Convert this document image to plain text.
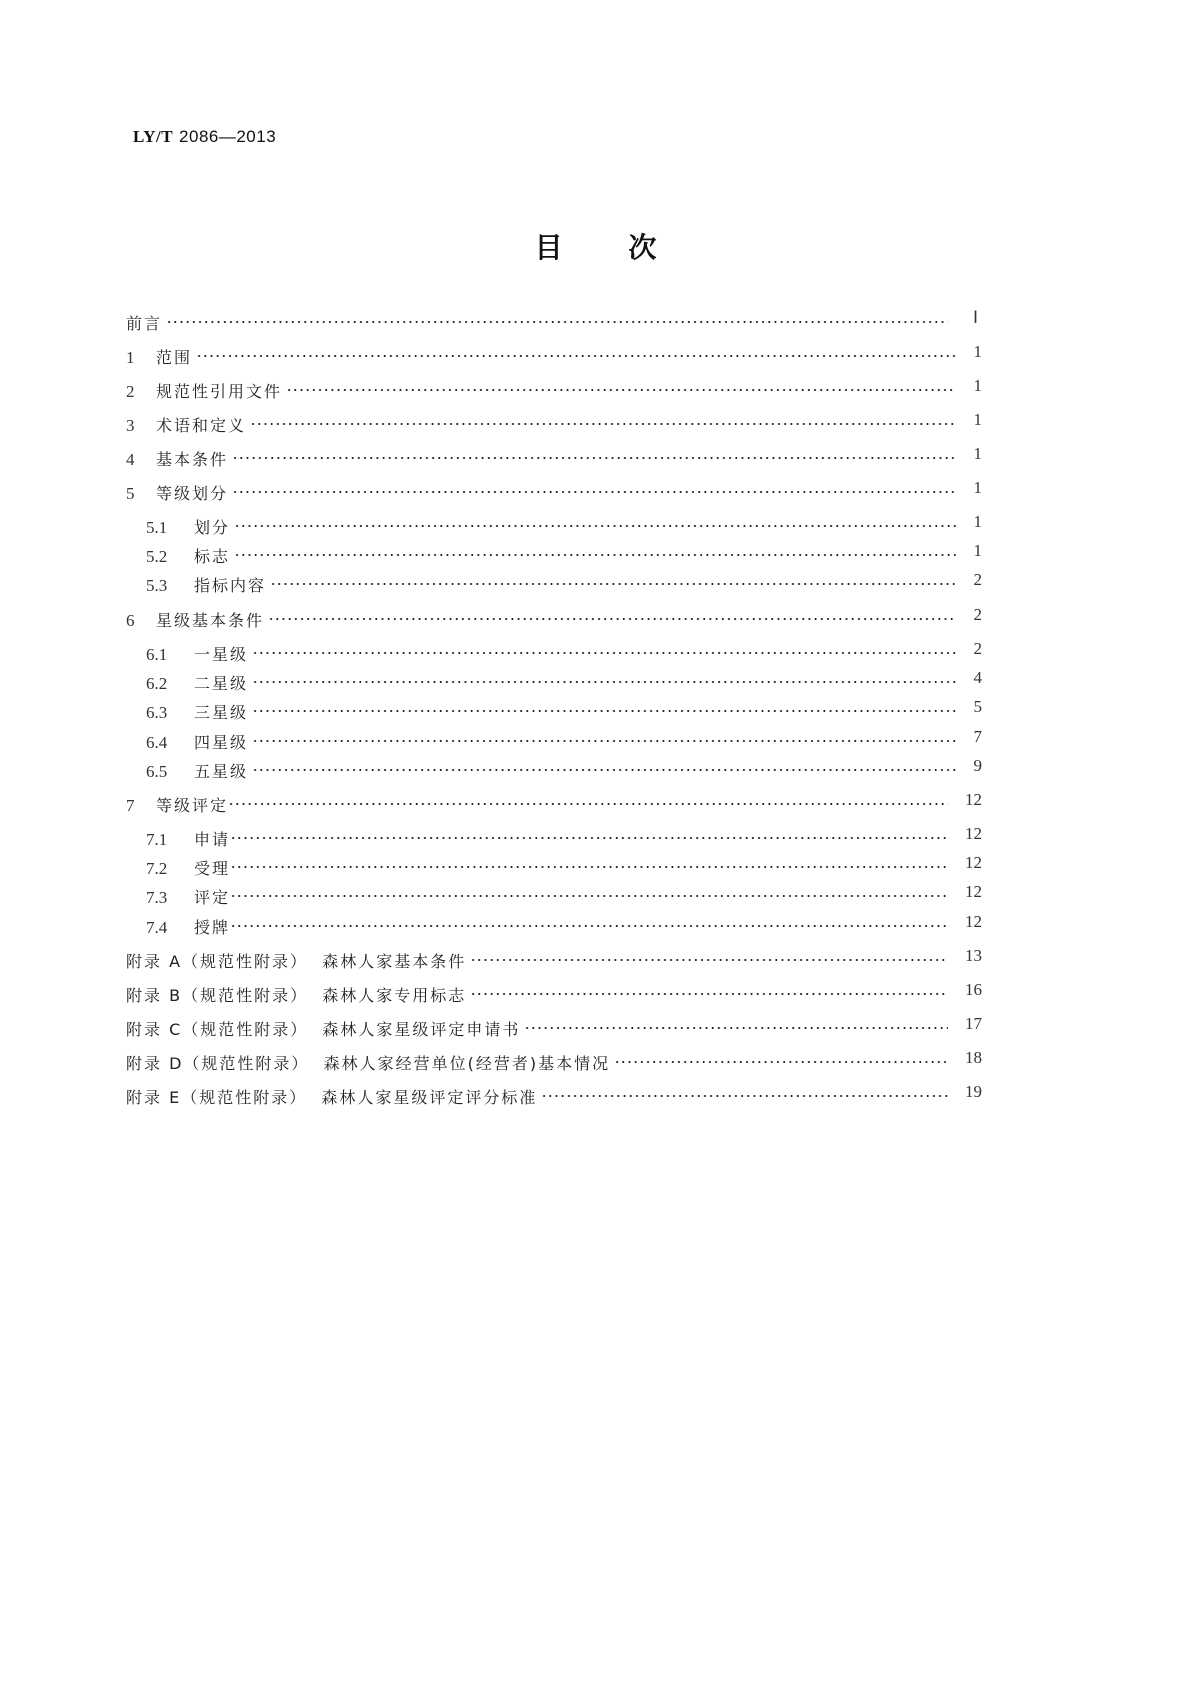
LY/T 2086—2013
目 次
前言	Ⅰ
1	范围	1
2	规范性引用文件	1
3	术语和定义	1
4	基本条件	1
5	等级划分	1
5.1	划分	1
5.2	标志	1
5.3	指标内容	2
6	星级基本条件	2
6.1	一星级	2
6.2	二星级	4
6.3	三星级	5
6.4	四星级	7
6.5	五星级	9
7	等级评定	12
7.1	申请	12
7.2	受理	12
7.3	评定	12
7.4	授牌	12
附录 A（规范性附录）  森林人家基本条件	13
附录 B（规范性附录）  森林人家专用标志	16
附录 C（规范性附录）  森林人家星级评定申请书	17
附录 D（规范性附录）  森林人家经营单位(经营者)基本情况	18
附录 E（规范性附录）  森林人家星级评定评分标准	19
